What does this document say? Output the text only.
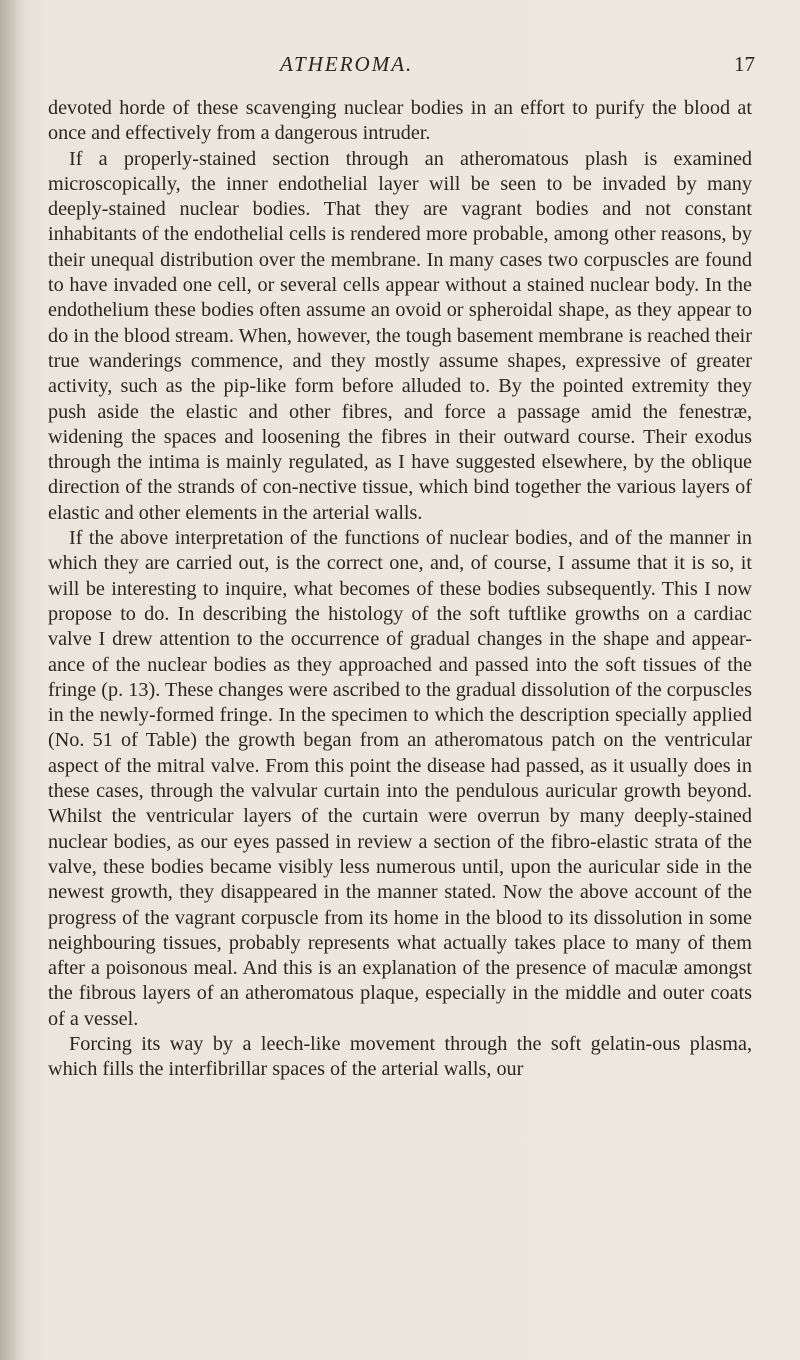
ATHEROMA.	17

devoted horde of these scavenging nuclear bodies in an effort to purify the blood at once and effectively from a dangerous intruder.

If a properly-stained section through an atheromatous plash is examined microscopically, the inner endothelial layer will be seen to be invaded by many deeply-stained nuclear bodies. That they are vagrant bodies and not constant inhabitants of the endothelial cells is rendered more probable, among other reasons, by their unequal distribution over the membrane. In many cases two corpuscles are found to have invaded one cell, or several cells appear without a stained nuclear body. In the endothelium these bodies often assume an ovoid or spheroidal shape, as they appear to do in the blood stream. When, however, the tough basement membrane is reached their true wanderings commence, and they mostly assume shapes, expressive of greater activity, such as the pip-like form before alluded to. By the pointed extremity they push aside the elastic and other fibres, and force a passage amid the fenestræ, widening the spaces and loosening the fibres in their outward course. Their exodus through the intima is mainly regulated, as I have suggested elsewhere, by the oblique direction of the strands of con-nective tissue, which bind together the various layers of elastic and other elements in the arterial walls.

If the above interpretation of the functions of nuclear bodies, and of the manner in which they are carried out, is the correct one, and, of course, I assume that it is so, it will be interesting to inquire, what becomes of these bodies subsequently. This I now propose to do. In describing the histology of the soft tuftlike growths on a cardiac valve I drew attention to the occurrence of gradual changes in the shape and appear-ance of the nuclear bodies as they approached and passed into the soft tissues of the fringe (p. 13). These changes were ascribed to the gradual dissolution of the corpuscles in the newly-formed fringe. In the specimen to which the description specially applied (No. 51 of Table) the growth began from an atheromatous patch on the ventricular aspect of the mitral valve. From this point the disease had passed, as it usually does in these cases, through the valvular curtain into the pendulous auricular growth beyond. Whilst the ventricular layers of the curtain were overrun by many deeply-stained nuclear bodies, as our eyes passed in review a section of the fibro-elastic strata of the valve, these bodies became visibly less numerous until, upon the auricular side in the newest growth, they disappeared in the manner stated. Now the above account of the progress of the vagrant corpuscle from its home in the blood to its dissolution in some neighbouring tissues, probably represents what actually takes place to many of them after a poisonous meal. And this is an explanation of the presence of maculæ amongst the fibrous layers of an atheromatous plaque, especially in the middle and outer coats of a vessel.

Forcing its way by a leech-like movement through the soft gelatin-ous plasma, which fills the interfibrillar spaces of the arterial walls, our
